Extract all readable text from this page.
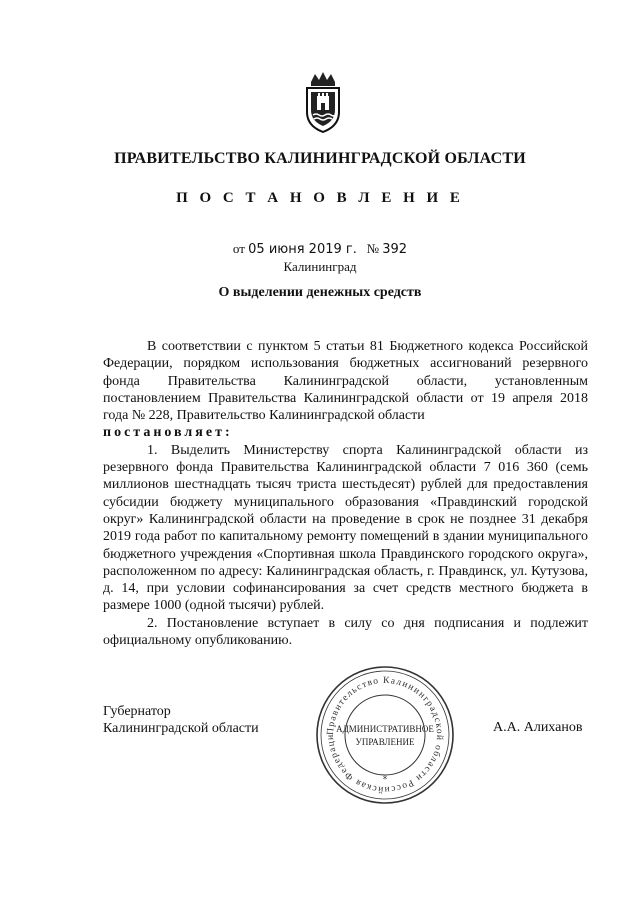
ПРАВИТЕЛЬСТВО КАЛИНИНГРАДСКОЙ ОБЛАСТИ
П О С Т А Н О В Л Е Н И Е
от 05 июня 2019 г. № 392
Калининград
О выделении денежных средств

В соответствии с пунктом 5 статьи 81 Бюджетного кодекса Российской Федерации, порядком использования бюджетных ассигнований резервного фонда Правительства Калининградской области, установленным постановлением Правительства Калининградской области от 19 апреля 2018 года № 228, Правительство Калининградской области

постановляет:

1. Выделить Министерству спорта Калининградской области из резервного фонда Правительства Калининградской области 7 016 360 (семь миллионов шестнадцать тысяч триста шестьдесят) рублей для предоставления субсидии бюджету муниципального образования «Правдинский городской округ» Калининградской области на проведение в срок не позднее 31 декабря 2019 года работ по капитальному ремонту помещений в здании муниципального бюджетного учреждения «Спортивная школа Правдинского городского округа», расположенном по адресу: Калининградская область, г. Правдинск, ул. Кутузова, д. 14, при условии софинансирования за счет средств местного бюджета в размере 1000 (одной тысячи) рублей.

2. Постановление вступает в силу со дня подписания и подлежит официальному опубликованию.

Губернатор
Калининградской области	Правительство Калининградской области Российская Федераци
АДМИНИСТРАТИВНОЕ
УПРАВЛЕНИЕ
*
А.А. Алиханов
